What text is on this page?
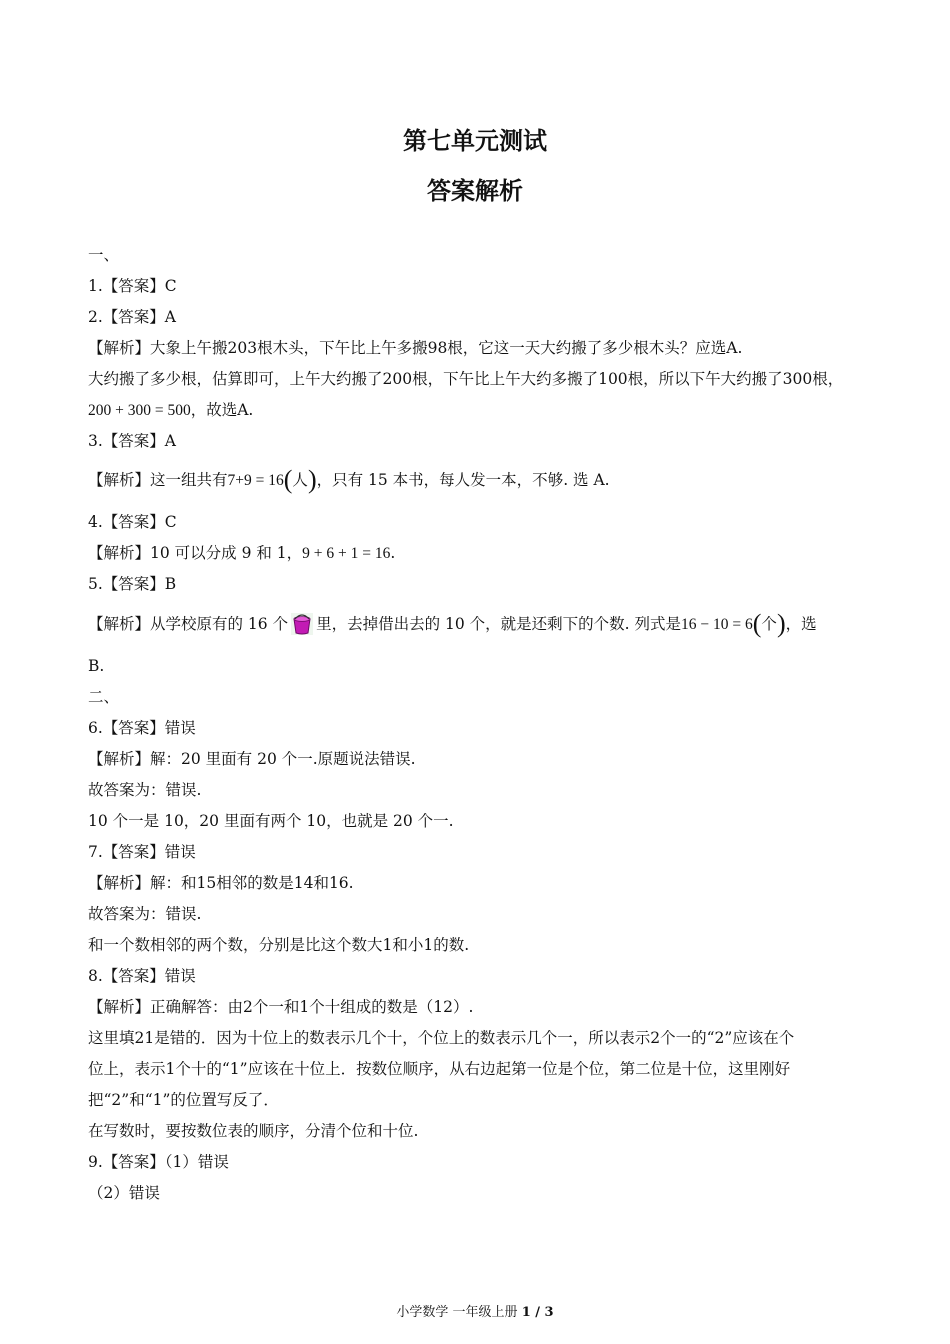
第七单元测试
答案解析
一、
1.【答案】C
2.【答案】A
【解析】大象上午搬203根木头，下午比上午多搬98根，它这一天大约搬了多少根木头？应选A.
大约搬了多少根，估算即可，上午大约搬了200根，下午比上午大约多搬了100根，所以下午大约搬了300根，
200 + 300 = 500，故选A.
3.【答案】A
【解析】这一组共有7+9 = 16(人)，只有 15 本书，每人发一本，不够. 选 A.
4.【答案】C
【解析】10 可以分成 9 和 1，9 + 6 + 1 = 16.
5.【答案】B
【解析】从学校原有的 16 个 里，去掉借出去的 10 个，就是还剩下的个数. 列式是16 − 10 = 6(个)，选
B.
二、
6.【答案】错误
【解析】解：20 里面有 20 个一.原题说法错误.
故答案为：错误.
10 个一是 10，20 里面有两个 10，也就是 20 个一.
7.【答案】错误
【解析】解：和15相邻的数是14和16.
故答案为：错误.
和一个数相邻的两个数，分别是比这个数大1和小1的数.
8.【答案】错误
【解析】正确解答：由2个一和1个十组成的数是（12）.
这里填21是错的．因为十位上的数表示几个十，个位上的数表示几个一，所以表示2个一的“2”应该在个
位上，表示1个十的“1”应该在十位上．按数位顺序，从右边起第一位是个位，第二位是十位，这里刚好
把“2”和“1”的位置写反了．
在写数时，要按数位表的顺序，分清个位和十位.
9.【答案】（1）错误
（2）错误
小学数学 一年级上册 1 / 3
